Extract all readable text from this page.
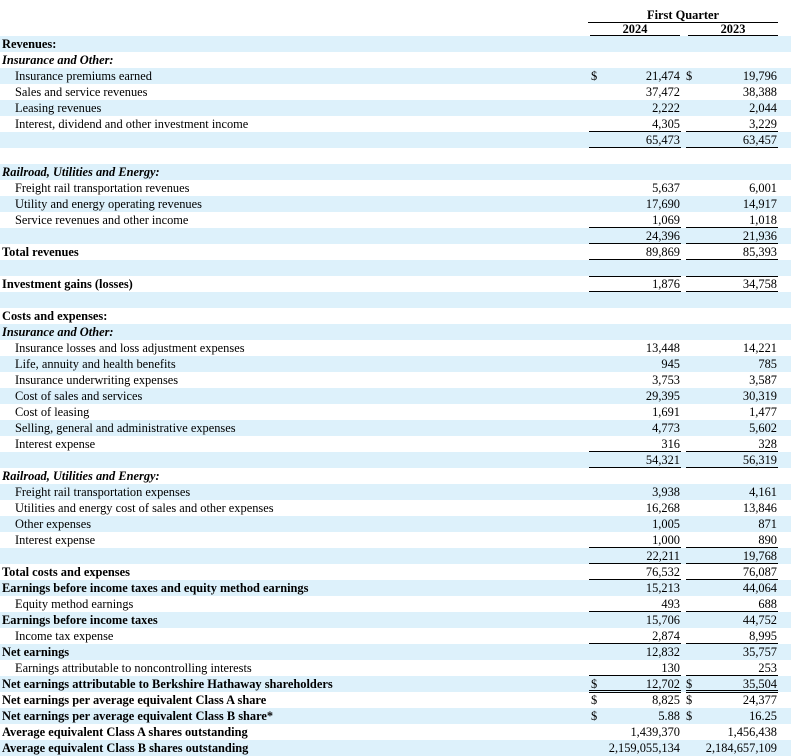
First Quarter
2024	2023
Revenues:
Insurance and Other:
Insurance premiums earned	$	21,474 $	19,796
Sales and service revenues	37,472	38,388
Leasing revenues	2,222	2,044
Interest, dividend and other investment income	4,305	3,229
65,473	63,457
Railroad, Utilities and Energy:
Freight rail transportation revenues	5,637	6,001
Utility and energy operating revenues	17,690	14,917
Service revenues and other income	1,069	1,018
24,396	21,936
Total revenues	89,869	85,393
Investment gains (losses)	1,876	34,758
Costs and expenses:
Insurance and Other:
Insurance losses and loss adjustment expenses	13,448	14,221
Life, annuity and health benefits	945	785
Insurance underwriting expenses	3,753	3,587
Cost of sales and services	29,395	30,319
Cost of leasing	1,691	1,477
Selling, general and administrative expenses	4,773	5,602
Interest expense	316	328
54,321	56,319
Railroad, Utilities and Energy:
Freight rail transportation expenses	3,938	4,161
Utilities and energy cost of sales and other expenses	16,268	13,846
Other expenses	1,005	871
Interest expense	1,000	890
22,211	19,768
Total costs and expenses	76,532	76,087
Earnings before income taxes and equity method earnings	15,213	44,064
Equity method earnings	493	688
Earnings before income taxes	15,706	44,752
Income tax expense	2,874	8,995
Net earnings	12,832	35,757
Earnings attributable to noncontrolling interests	130	253
Net earnings attributable to Berkshire Hathaway shareholders	$	12,702 $	35,504
Net earnings per average equivalent Class A share	$	8,825 $	24,377
Net earnings per average equivalent Class B share*	$	5.88 $	16.25
Average equivalent Class A shares outstanding	1,439,370	1,456,438
Average equivalent Class B shares outstanding	2,159,055,134 2,184,657,109
